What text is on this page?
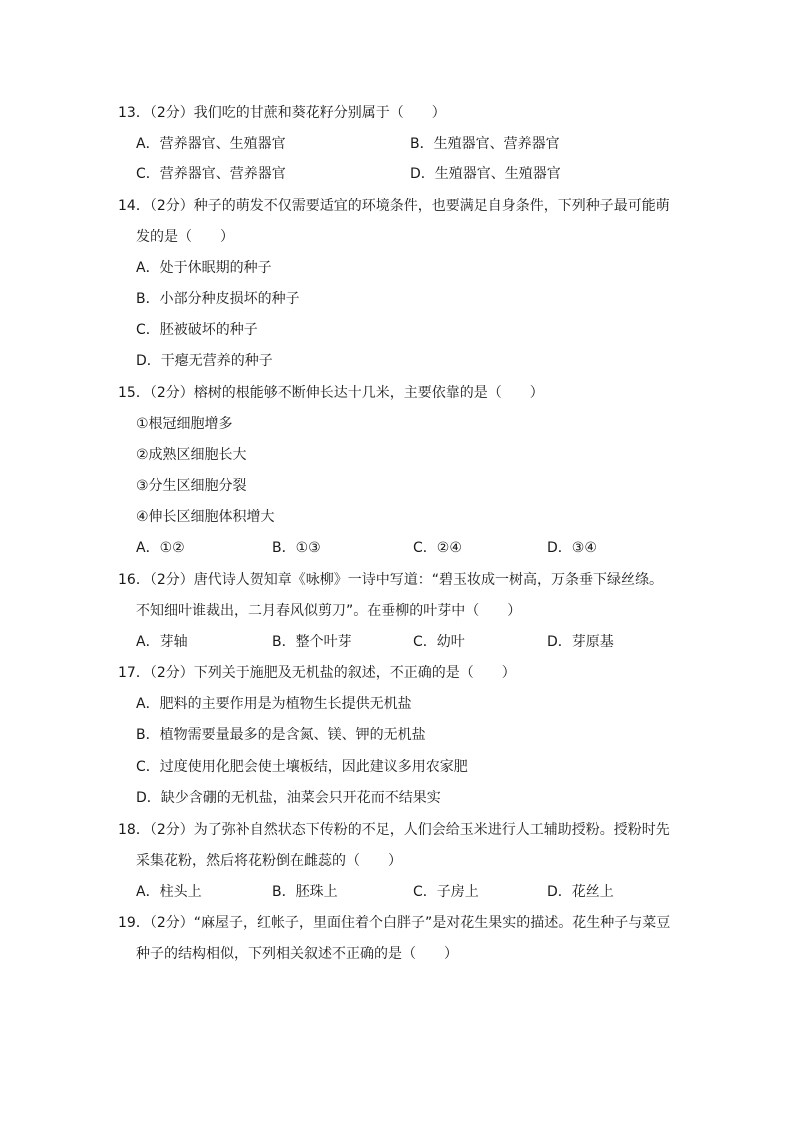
13．（2分）我们吃的甘蔗和葵花籽分别属于（　　）
A．营养器官、生殖器官	B．生殖器官、营养器官
C．营养器官、营养器官	D．生殖器官、生殖器官
14．（2分）种子的萌发不仅需要适宜的环境条件，也要满足自身条件，下列种子最可能萌
发的是（　　）
A．处于休眠期的种子
B．小部分种皮损坏的种子
C．胚被破坏的种子
D．干瘪无营养的种子
15．（2分）榕树的根能够不断伸长达十几米，主要依靠的是（　　）
①根冠细胞增多
②成熟区细胞长大
③分生区细胞分裂
④伸长区细胞体积增大
A．①②	B．①③	C．②④	D．③④
16．（2分）唐代诗人贺知章《咏柳》一诗中写道：“碧玉妆成一树高，万条垂下绿丝绦。
不知细叶谁裁出，二月春风似剪刀”。在垂柳的叶芽中（　　）
A．芽轴	B．整个叶芽	C．幼叶	D．芽原基
17．（2分）下列关于施肥及无机盐的叙述，不正确的是（　　）
A．肥料的主要作用是为植物生长提供无机盐
B．植物需要量最多的是含氮、镁、钾的无机盐
C．过度使用化肥会使土壤板结，因此建议多用农家肥
D．缺少含硼的无机盐，油菜会只开花而不结果实
18．（2分）为了弥补自然状态下传粉的不足，人们会给玉米进行人工辅助授粉。授粉时先
采集花粉，然后将花粉倒在雌蕊的（　　）
A．柱头上	B．胚珠上	C．子房上	D．花丝上
19．（2分）“麻屋子，红帐子，里面住着个白胖子”是对花生果实的描述。花生种子与菜豆
种子的结构相似，下列相关叙述不正确的是（　　）
